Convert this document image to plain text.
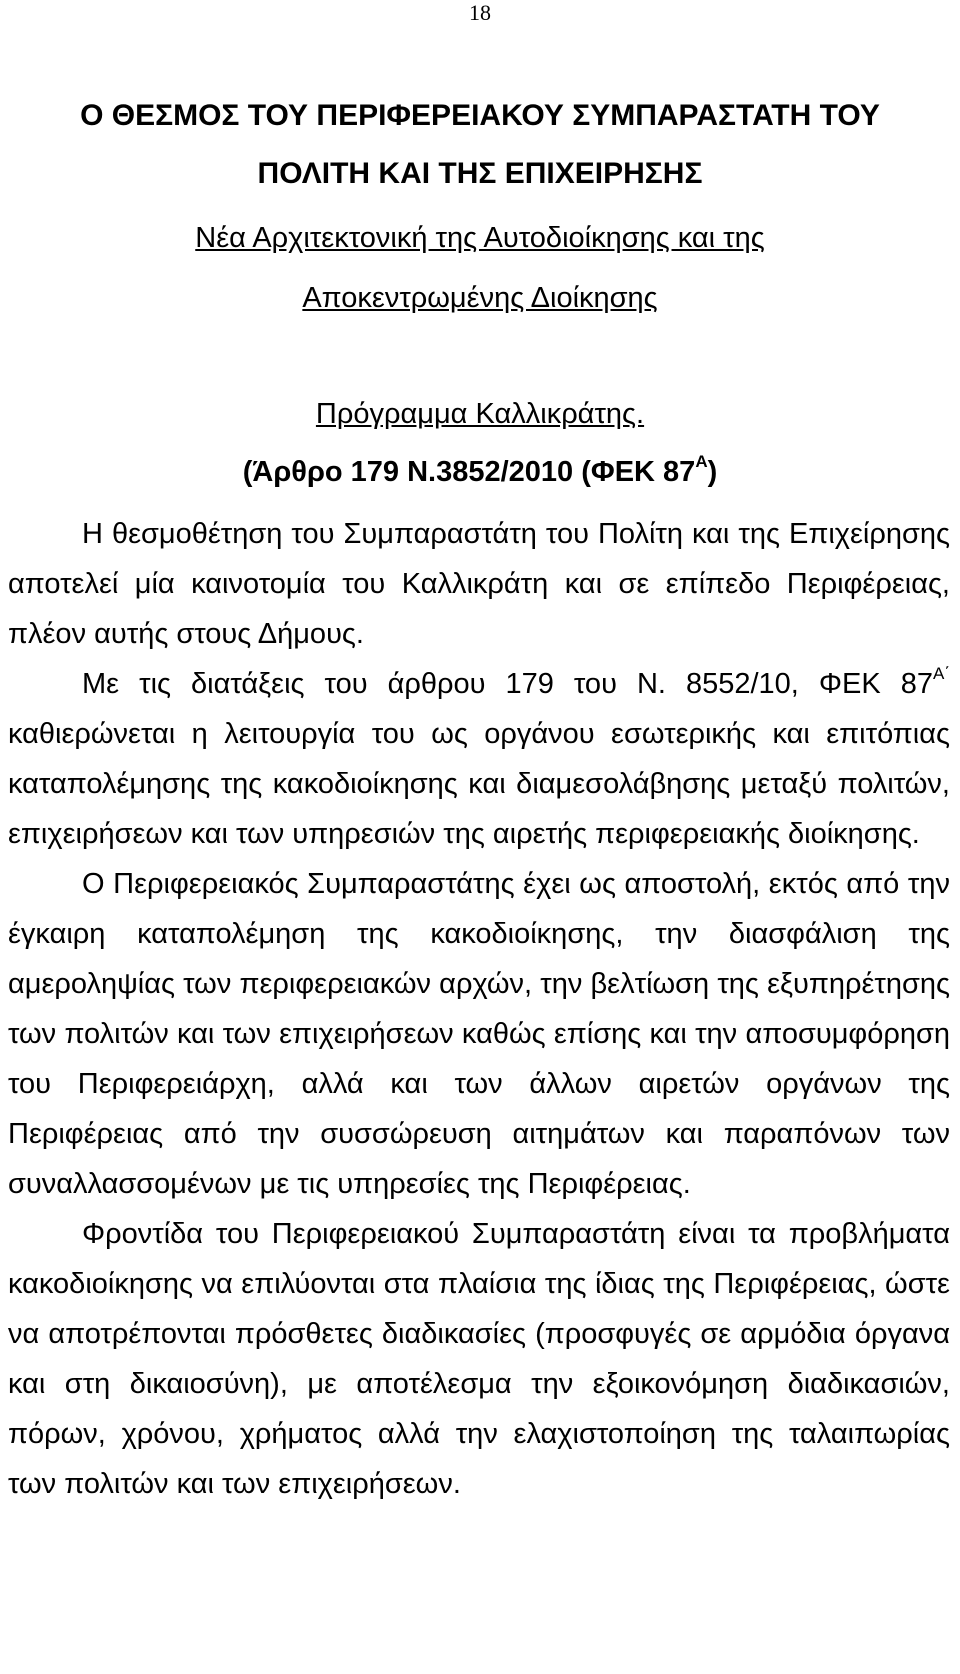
18
Ο ΘΕΣΜΟΣ ΤΟΥ ΠΕΡΙΦΕΡΕΙΑΚΟΥ ΣΥΜΠΑΡΑΣΤΑΤΗ ΤΟΥ
ΠΟΛΙΤΗ ΚΑΙ ΤΗΣ ΕΠΙΧΕΙΡΗΣΗΣ
Νέα Αρχιτεκτονική της Αυτοδιοίκησης και της
Αποκεντρωμένης Διοίκησης
Πρόγραμμα Καλλικράτης.
(Άρθρο 179 Ν.3852/2010 (ΦΕΚ $87^A$)

Η θεσμοθέτηση του Συμπαραστάτη του Πολίτη και της Επιχείρησης αποτελεί μία καινοτομία του Καλλικράτη και σε επίπεδο Περιφέρειας, πλέον αυτής στους Δήμους.

Με τις διατάξεις του άρθρου 179 του Ν. 8552/10, ΦΕΚ $87^{A΄}$ καθιερώνεται η λειτουργία του ως οργάνου εσωτερικής και επιτόπιας καταπολέμησης της κακοδιοίκησης και διαμεσολάβησης μεταξύ πολιτών, επιχειρήσεων και των υπηρεσιών της αιρετής περιφερειακής διοίκησης.

Ο Περιφερειακός Συμπαραστάτης έχει ως αποστολή, εκτός από την έγκαιρη καταπολέμηση της κακοδιοίκησης, την διασφάλιση της αμεροληψίας των περιφερειακών αρχών, την βελτίωση της εξυπηρέτησης των πολιτών και των επιχειρήσεων καθώς επίσης και την αποσυμφόρηση του Περιφερειάρχη, αλλά και των άλλων αιρετών οργάνων της Περιφέρειας από την συσσώρευση αιτημάτων και παραπόνων των συναλλασσομένων με τις υπηρεσίες της Περιφέρειας.

Φροντίδα του Περιφερειακού Συμπαραστάτη είναι τα προβλήματα κακοδιοίκησης να επιλύονται στα πλαίσια της ίδιας της Περιφέρειας, ώστε να αποτρέπονται πρόσθετες διαδικασίες (προσφυγές σε αρμόδια όργανα και στη δικαιοσύνη), με αποτέλεσμα την εξοικονόμηση διαδικασιών, πόρων, χρόνου, χρήματος αλλά την ελαχιστοποίηση της ταλαιπωρίας των πολιτών και των επιχειρήσεων.
